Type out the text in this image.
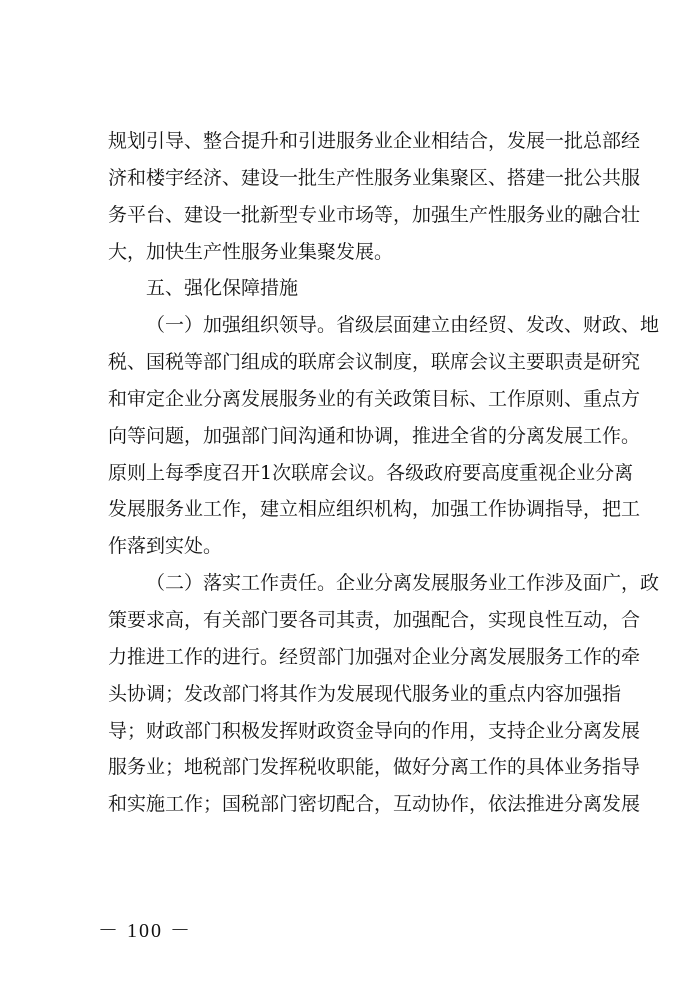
规划引导、整合提升和引进服务业企业相结合，发展一批总部经
济和楼宇经济、建设一批生产性服务业集聚区、搭建一批公共服
务平台、建设一批新型专业市场等，加强生产性服务业的融合壮
大，加快生产性服务业集聚发展。
五、强化保障措施
（一）加强组织领导。省级层面建立由经贸、发改、财政、地
税、国税等部门组成的联席会议制度，联席会议主要职责是研究
和审定企业分离发展服务业的有关政策目标、工作原则、重点方
向等问题，加强部门间沟通和协调，推进全省的分离发展工作。
原则上每季度召开1次联席会议。各级政府要高度重视企业分离
发展服务业工作，建立相应组织机构，加强工作协调指导，把工
作落到实处。
（二）落实工作责任。企业分离发展服务业工作涉及面广，政
策要求高，有关部门要各司其责，加强配合，实现良性互动，合
力推进工作的进行。经贸部门加强对企业分离发展服务工作的牵
头协调；发改部门将其作为发展现代服务业的重点内容加强指
导；财政部门积极发挥财政资金导向的作用，支持企业分离发展
服务业；地税部门发挥税收职能，做好分离工作的具体业务指导
和实施工作；国税部门密切配合，互动协作，依法推进分离发展
－ 100 －
